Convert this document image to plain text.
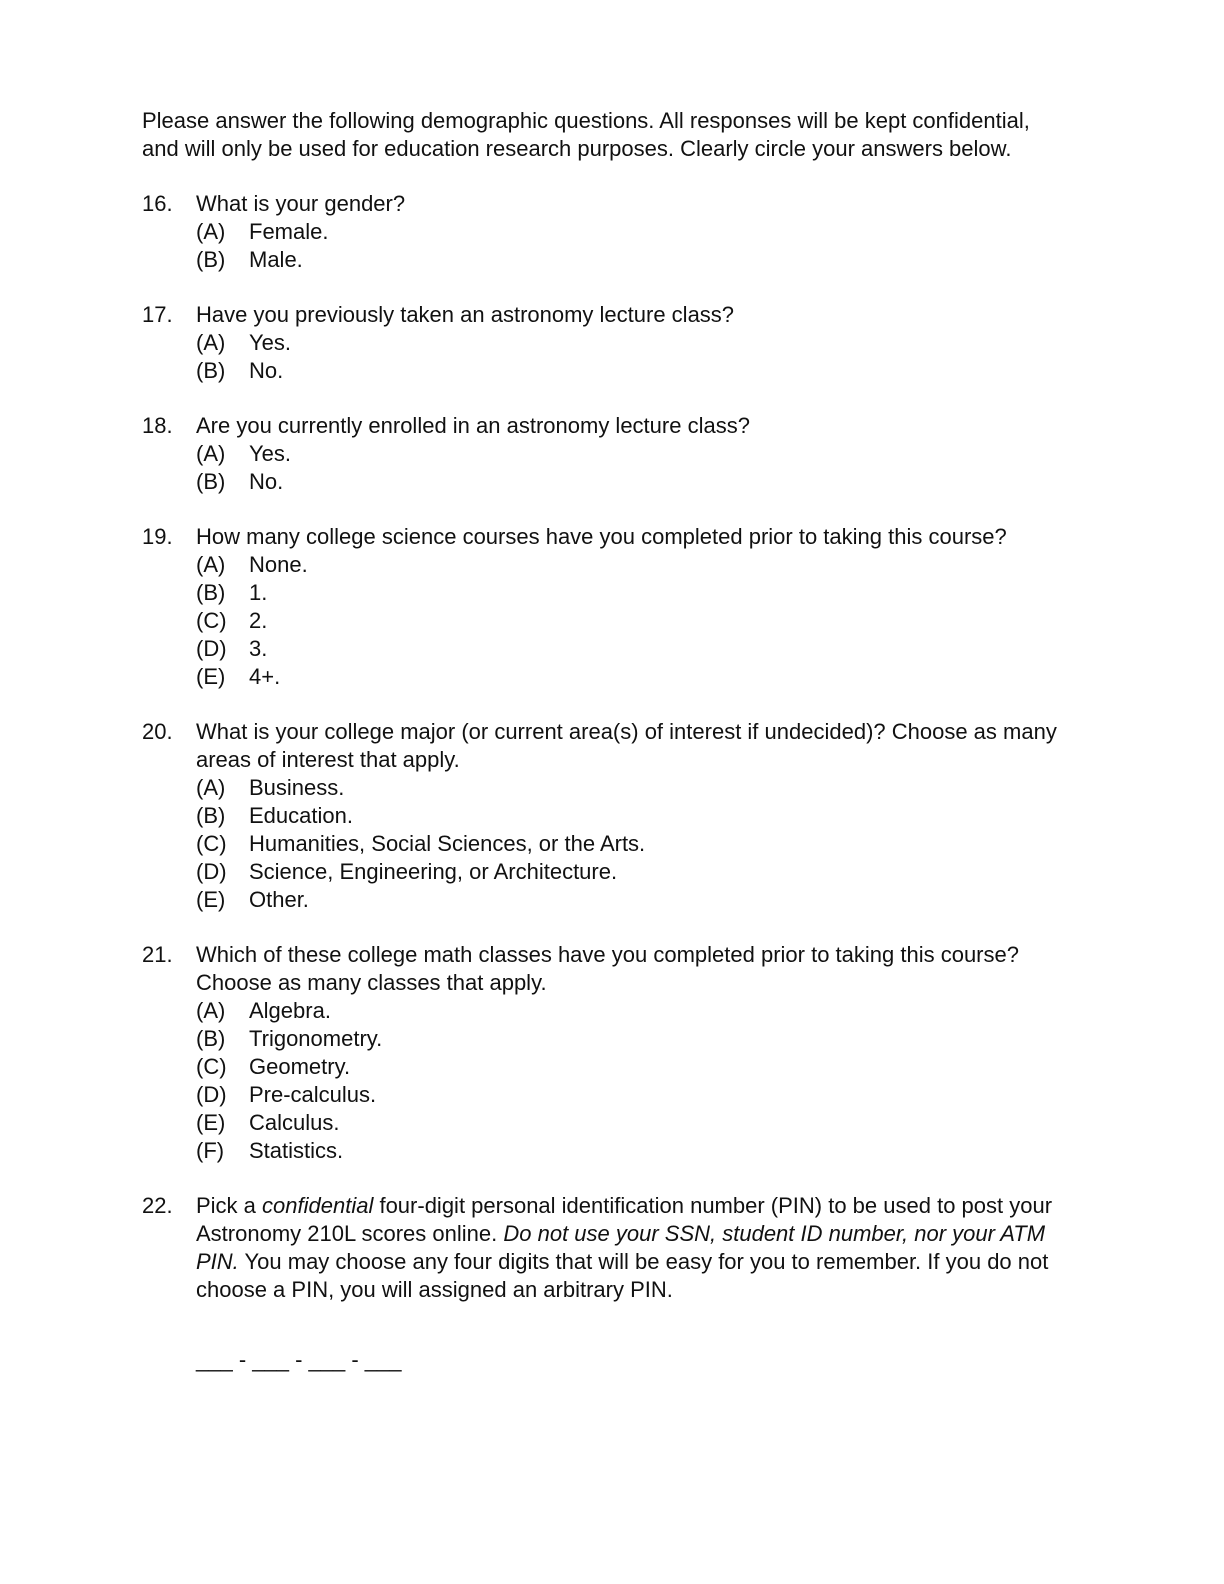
Please answer the following demographic questions. All responses will be kept confidential, and will only be used for education research purposes. Clearly circle your answers below.

16.	What is your gender?
(A)	Female.
(B)	Male.
17.	Have you previously taken an astronomy lecture class?
(A)	Yes.
(B)	No.
18.	Are you currently enrolled in an astronomy lecture class?
(A)	Yes.
(B)	No.
19.	How many college science courses have you completed prior to taking this course?
(A)	None.
(B)	1.
(C)	2.
(D)	3.
(E)	4+.
20.	What is your college major (or current area(s) of interest if undecided)? Choose as many areas of interest that apply.
(A)	Business.
(B)	Education.
(C)	Humanities, Social Sciences, or the Arts.
(D)	Science, Engineering, or Architecture.
(E)	Other.
21.	Which of these college math classes have you completed prior to taking this course? Choose as many classes that apply.
(A)	Algebra.
(B)	Trigonometry.
(C)	Geometry.
(D)	Pre-calculus.
(E)	Calculus.
(F)	Statistics.
22.	Pick a confidential four-digit personal identification number (PIN) to be used to post your Astronomy 210L scores online. Do not use your SSN, student ID number, nor your ATM PIN. You may choose any four digits that will be easy for you to remember. If you do not choose a PIN, you will assigned an arbitrary PIN.
___ - ___ - ___ - ___
